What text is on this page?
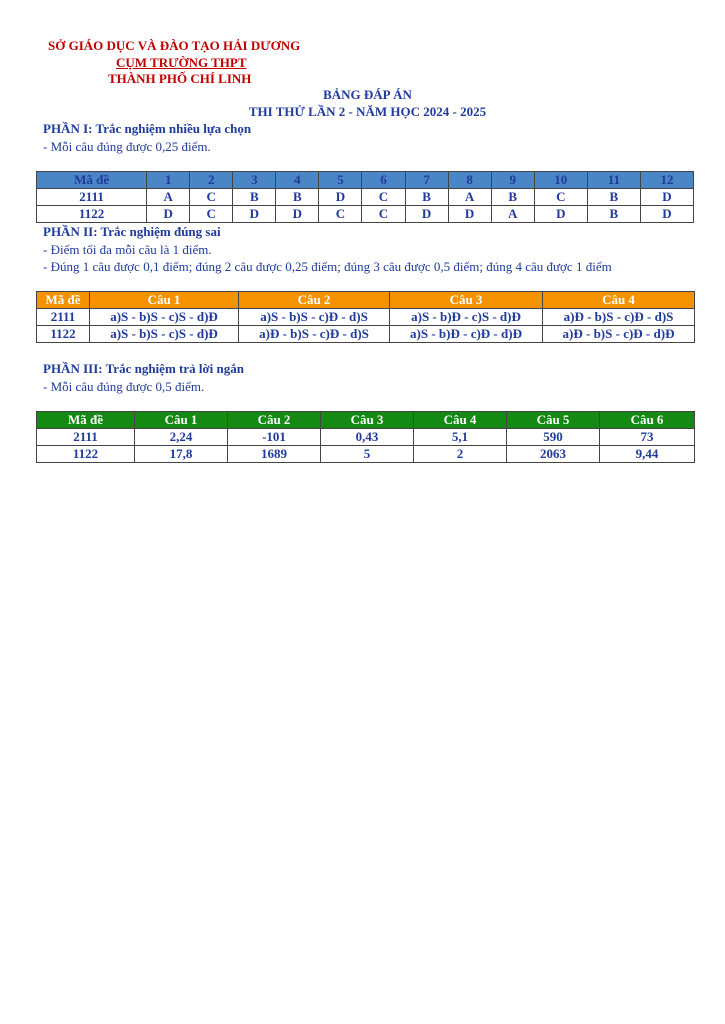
SỞ GIÁO DỤC VÀ ĐÀO TẠO HẢI DƯƠNG
CỤM TRƯỜNG THPT
THÀNH PHỐ CHÍ LINH
BẢNG ĐÁP ÁN
THI THỬ LẦN 2 - NĂM HỌC 2024 - 2025
PHẦN I: Trắc nghiệm nhiều lựa chọn
- Mỗi câu đúng được 0,25 điểm.
Mã đề	1	2	3	4	5	6	7	8	9	10	11	12
2111	A	C	B	B	D	C	B	A	B	C	B	D
1122	D	C	D	D	C	C	D	D	A	D	B	D
PHẦN II: Trắc nghiệm đúng sai
- Điểm tối đa mỗi câu là 1 điểm.
- Đúng 1 câu được 0,1 điểm; đúng 2 câu được 0,25 điểm; đúng 3 câu được 0,5 điểm; đúng 4 câu được 1 điểm
Mã đề	Câu 1	Câu 2	Câu 3	Câu 4
2111	a)S - b)S - c)S - d)Đ	a)S - b)S - c)Đ - d)S	a)S - b)Đ - c)S - d)Đ	a)Đ - b)S - c)Đ - d)S
1122	a)S - b)S - c)S - d)Đ	a)Đ - b)S - c)Đ - d)S	a)S - b)Đ - c)Đ - d)Đ	a)Đ - b)S - c)Đ - d)Đ
PHẦN III: Trắc nghiệm trả lời ngắn
- Mỗi câu đúng được 0,5 điểm.
Mã đề	Câu 1	Câu 2	Câu 3	Câu 4	Câu 5	Câu 6
2111	2,24	-101	0,43	5,1	590	73
1122	17,8	1689	5	2	2063	9,44
